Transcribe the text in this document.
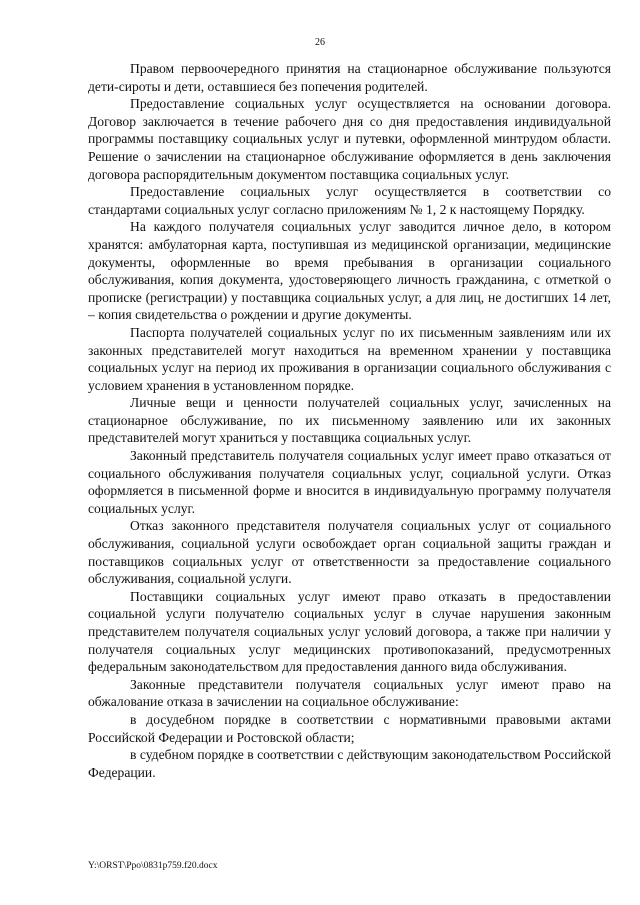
26

Правом первоочередного принятия на стационарное обслуживание пользуются дети-сироты и дети, оставшиеся без попечения родителей.

Предоставление социальных услуг осуществляется на основании договора. Договор заключается в течение рабочего дня со дня предоставления индивидуальной программы поставщику социальных услуг и путевки, оформленной минтрудом области. Решение о зачислении на стационарное обслуживание оформляется в день заключения договора распорядительным документом поставщика социальных услуг.

Предоставление социальных услуг осуществляется в соответствии со стандартами социальных услуг согласно приложениям № 1, 2 к настоящему Порядку.

На каждого получателя социальных услуг заводится личное дело, в котором хранятся: амбулаторная карта, поступившая из медицинской организации, медицинские документы, оформленные во время пребывания в организации социального обслуживания, копия документа, удостоверяющего личность гражданина, с отметкой о прописке (регистрации) у поставщика социальных услуг, а для лиц, не достигших 14 лет, – копия свидетельства о рождении и другие документы.

Паспорта получателей социальных услуг по их письменным заявлениям или их законных представителей могут находиться на временном хранении у поставщика социальных услуг на период их проживания в организации социального обслуживания с условием хранения в установленном порядке.

Личные вещи и ценности получателей социальных услуг, зачисленных на стационарное обслуживание, по их письменному заявлению или их законных представителей могут храниться у поставщика социальных услуг.

Законный представитель получателя социальных услуг имеет право отказаться от социального обслуживания получателя социальных услуг, социальной услуги. Отказ оформляется в письменной форме и вносится в индивидуальную программу получателя социальных услуг.

Отказ законного представителя получателя социальных услуг от социального обслуживания, социальной услуги освобождает орган социальной защиты граждан и поставщиков социальных услуг от ответственности за предоставление социального обслуживания, социальной услуги.

Поставщики социальных услуг имеют право отказать в предоставлении социальной услуги получателю социальных услуг в случае нарушения законным представителем получателя социальных услуг условий договора, а также при наличии у получателя социальных услуг медицинских противопоказаний, предусмотренных федеральным законодательством для предоставления данного вида обслуживания.

Законные представители получателя социальных услуг имеют право на обжалование отказа в зачислении на социальное обслуживание:

в досудебном порядке в соответствии с нормативными правовыми актами Российской Федерации и Ростовской области;

в судебном порядке в соответствии с действующим законодательством Российской Федерации.

Y:\ORST\Ppo\0831p759.f20.docx
